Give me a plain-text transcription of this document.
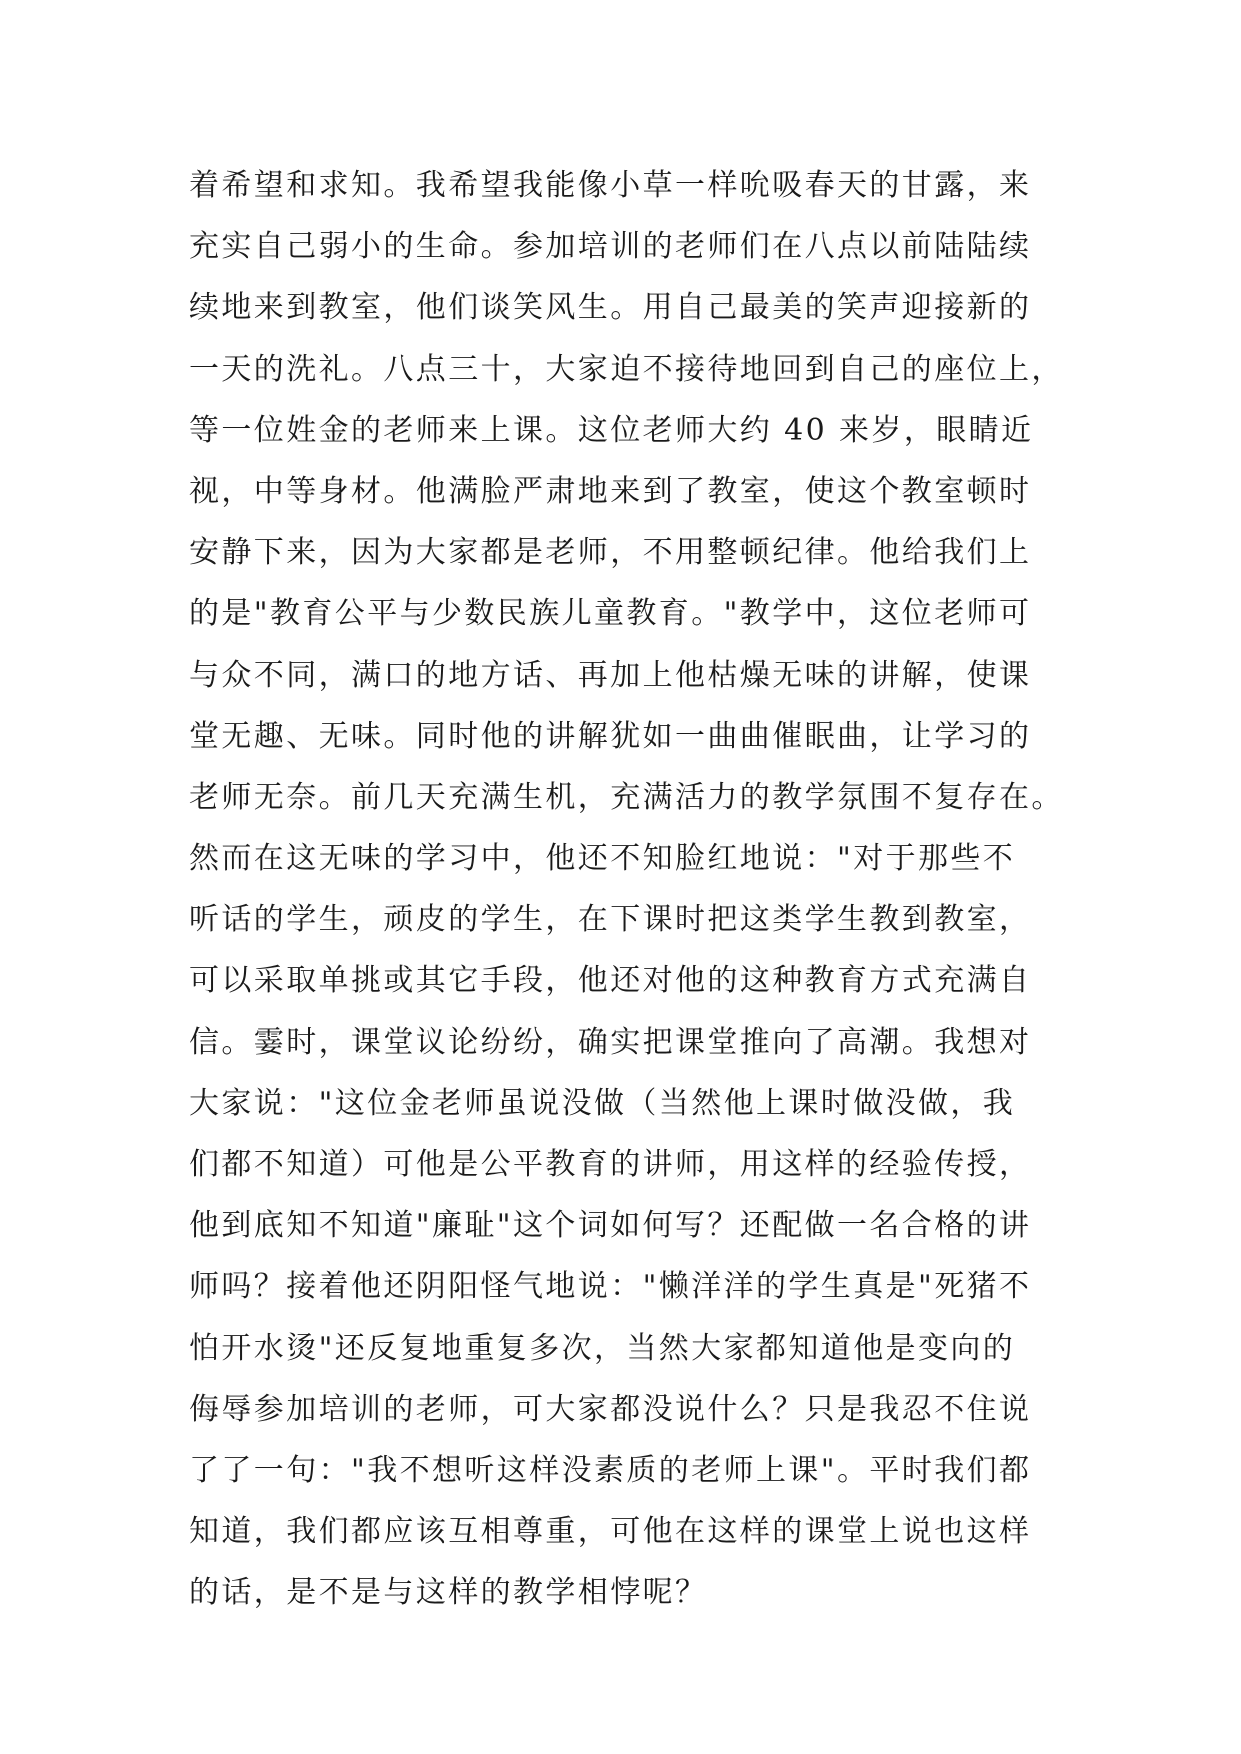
着希望和求知。我希望我能像小草一样吮吸春天的甘露，来
充实自己弱小的生命。参加培训的老师们在八点以前陆陆续
续地来到教室，他们谈笑风生。用自己最美的笑声迎接新的
一天的洗礼。八点三十，大家迫不接待地回到自己的座位上，
等一位姓金的老师来上课。这位老师大约 40 来岁，眼睛近
视，中等身材。他满脸严肃地来到了教室，使这个教室顿时
安静下来，因为大家都是老师，不用整顿纪律。他给我们上
的是"教育公平与少数民族儿童教育。"教学中，这位老师可
与众不同，满口的地方话、再加上他枯燥无味的讲解，使课
堂无趣、无味。同时他的讲解犹如一曲曲催眠曲，让学习的
老师无奈。前几天充满生机，充满活力的教学氛围不复存在。
然而在这无味的学习中，他还不知脸红地说："对于那些不
听话的学生，顽皮的学生，在下课时把这类学生教到教室，
可以采取单挑或其它手段，他还对他的这种教育方式充满自
信。霎时，课堂议论纷纷，确实把课堂推向了高潮。我想对
大家说："这位金老师虽说没做（当然他上课时做没做，我
们都不知道）可他是公平教育的讲师，用这样的经验传授，
他到底知不知道"廉耻"这个词如何写？还配做一名合格的讲
师吗？接着他还阴阳怪气地说："懒洋洋的学生真是"死猪不
怕开水烫"还反复地重复多次，当然大家都知道他是变向的
侮辱参加培训的老师，可大家都没说什么？只是我忍不住说
了了一句："我不想听这样没素质的老师上课"。平时我们都
知道，我们都应该互相尊重，可他在这样的课堂上说也这样
的话，是不是与这样的教学相悖呢？
